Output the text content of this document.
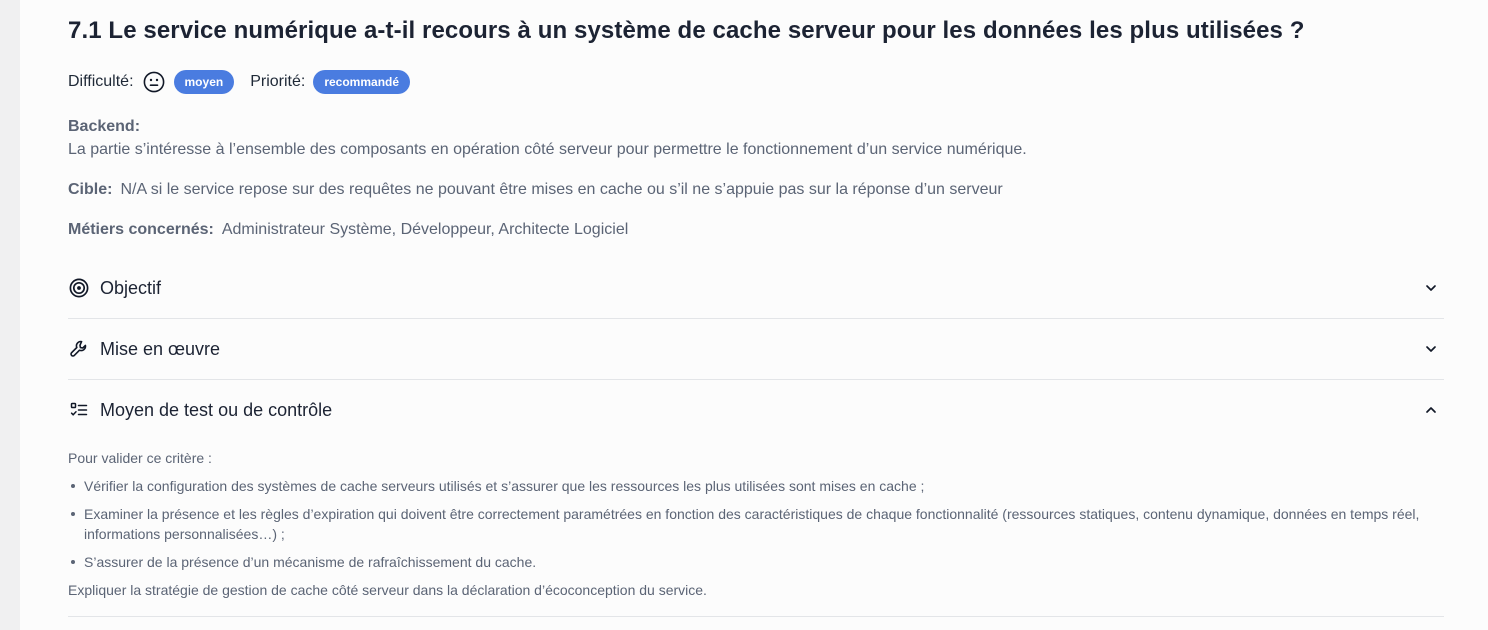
7.1 Le service numérique a-t-il recours à un système de cache serveur pour les données les plus utilisées ?
Difficulté:	moyen	Priorité:	recommandé
Backend:
La partie s’intéresse à l’ensemble des composants en opération côté serveur pour permettre le fonctionnement d’un service numérique.
Cible: N/A si le service repose sur des requêtes ne pouvant être mises en cache ou s’il ne s’appuie pas sur la réponse d’un serveur
Métiers concernés: Administrateur Système, Développeur, Architecte Logiciel
Objectif
Mise en œuvre
Moyen de test ou de contrôle

Pour valider ce critère :

Vérifier la configuration des systèmes de cache serveurs utilisés et s’assurer que les ressources les plus utilisées sont mises en cache ;
Examiner la présence et les règles d’expiration qui doivent être correctement paramétrées en fonction des caractéristiques de chaque fonctionnalité (ressources statiques, contenu dynamique, données en temps réel, informations personnalisées…) ;
S’assurer de la présence d’un mécanisme de rafraîchissement du cache.

Expliquer la stratégie de gestion de cache côté serveur dans la déclaration d’écoconception du service.
